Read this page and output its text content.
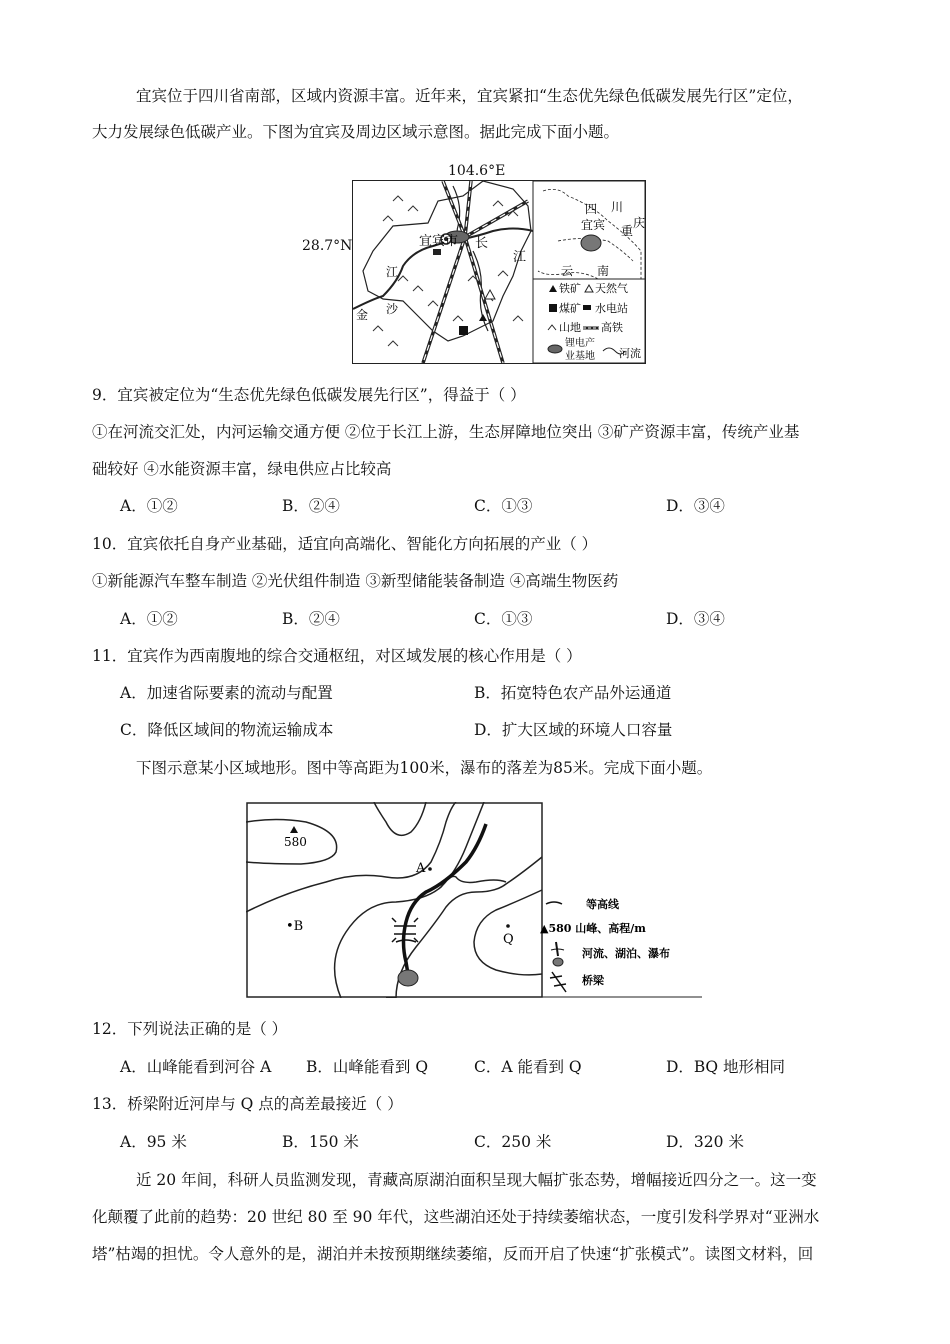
宜宾位于四川省南部，区域内资源丰富。近年来，宜宾紧扣“生态优先绿色低碳发展先行区”定位，
大力发展绿色低碳产业。下图为宜宾及周边区域示意图。据此完成下面小题。
104.6°E
28.7°N	宜宾市 长
江
江
沙
金
四 川
宜宾 重
庆
云 南
铁矿 天然气
煤矿 水电站
山地 高铁
锂电产
业基地 河流
9．宜宾被定位为“生态优先绿色低碳发展先行区”，得益于（ ）
①在河流交汇处，内河运输交通方便 ②位于长江上游，生态屏障地位突出 ③矿产资源丰富，传统产业基
础较好 ④水能资源丰富，绿电供应占比较高
A．①②	B．②④	C．①③	D．③④
10．宜宾依托自身产业基础，适宜向高端化、智能化方向拓展的产业（ ）
①新能源汽车整车制造 ②光伏组件制造 ③新型储能装备制造 ④高端生物医药
A．①②	B．②④	C．①③	D．③④
11．宜宾作为西南腹地的综合交通枢纽，对区域发展的核心作用是（ ）
A．加速省际要素的流动与配置	B．拓宽特色农产品外运通道
C．降低区域间的物流运输成本	D．扩大区域的环境人口容量
下图示意某小区域地形。图中等高距为100米，瀑布的落差为85米。完成下面小题。
580
A
•B
Q
等高线
▲580 山峰、高程/m
河流、湖泊、瀑布
桥梁
12．下列说法正确的是（ ）
A．山峰能看到河谷 A B．山峰能看到 Q	C．A 能看到 Q	D．BQ 地形相同
13．桥梁附近河岸与 Q 点的高差最接近（ ）
A．95 米	B．150 米	C．250 米	D．320 米
近 20 年间，科研人员监测发现，青藏高原湖泊面积呈现大幅扩张态势，增幅接近四分之一。这一变
化颠覆了此前的趋势：20 世纪 80 至 90 年代，这些湖泊还处于持续萎缩状态，一度引发科学界对“亚洲水
塔”枯竭的担忧。令人意外的是，湖泊并未按预期继续萎缩，反而开启了快速“扩张模式”。读图文材料，回
